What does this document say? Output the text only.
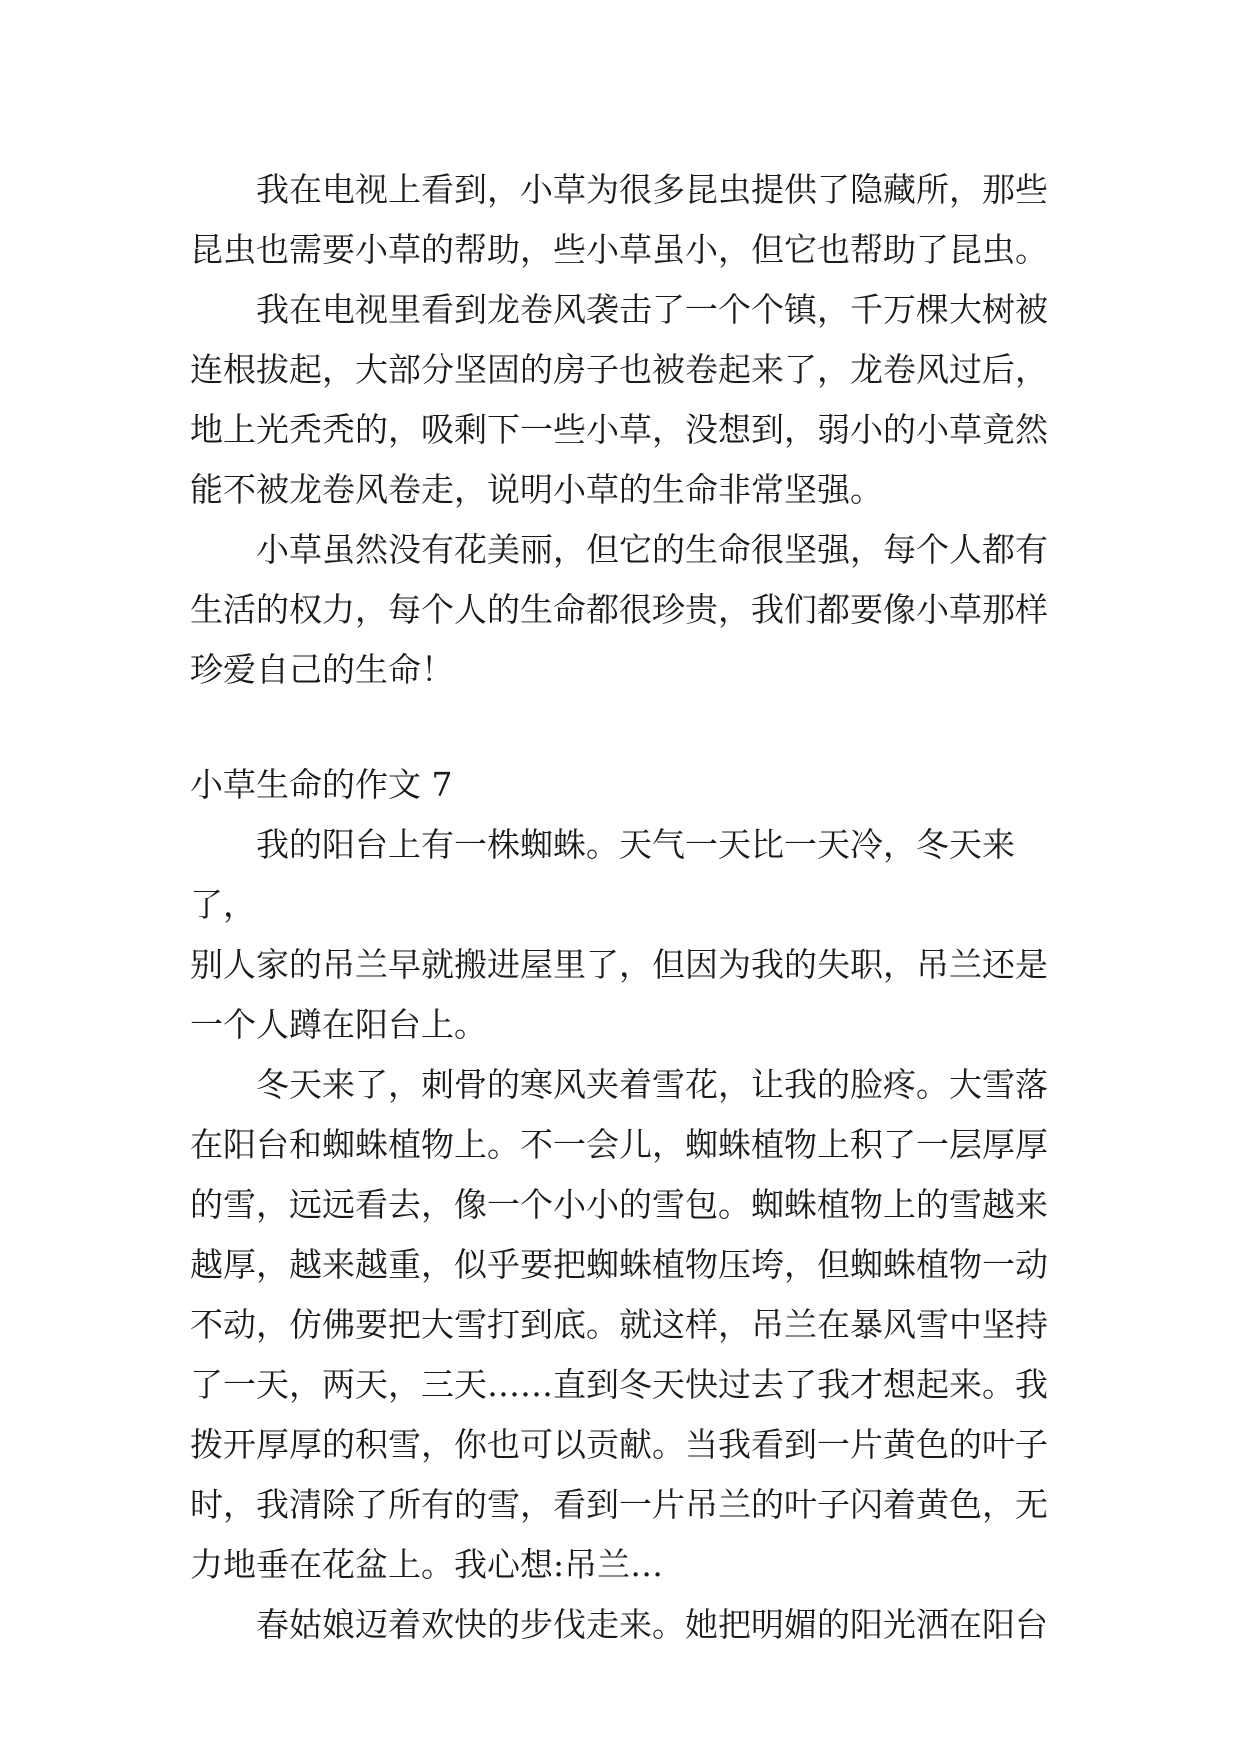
我在电视上看到，小草为很多昆虫提供了隐藏所，那些
昆虫也需要小草的帮助，些小草虽小，但它也帮助了昆虫。

我在电视里看到龙卷风袭击了一个个镇，千万棵大树被
连根拔起，大部分坚固的房子也被卷起来了，龙卷风过后，
地上光秃秃的，吸剩下一些小草，没想到，弱小的小草竟然
能不被龙卷风卷走，说明小草的生命非常坚强。

小草虽然没有花美丽，但它的生命很坚强，每个人都有
生活的权力，每个人的生命都很珍贵，我们都要像小草那样
珍爱自己的生命！

小草生命的作文 7

我的阳台上有一株蜘蛛。天气一天比一天冷，冬天来了，
别人家的吊兰早就搬进屋里了，但因为我的失职，吊兰还是
一个人蹲在阳台上。

冬天来了，刺骨的寒风夹着雪花，让我的脸疼。大雪落
在阳台和蜘蛛植物上。不一会儿，蜘蛛植物上积了一层厚厚
的雪，远远看去，像一个小小的雪包。蜘蛛植物上的雪越来
越厚，越来越重，似乎要把蜘蛛植物压垮，但蜘蛛植物一动
不动，仿佛要把大雪打到底。就这样，吊兰在暴风雪中坚持
了一天，两天，三天……直到冬天快过去了我才想起来。我
拨开厚厚的积雪，你也可以贡献。当我看到一片黄色的叶子
时，我清除了所有的雪，看到一片吊兰的叶子闪着黄色，无
力地垂在花盆上。我心想:吊兰…

春姑娘迈着欢快的步伐走来。她把明媚的阳光洒在阳台
